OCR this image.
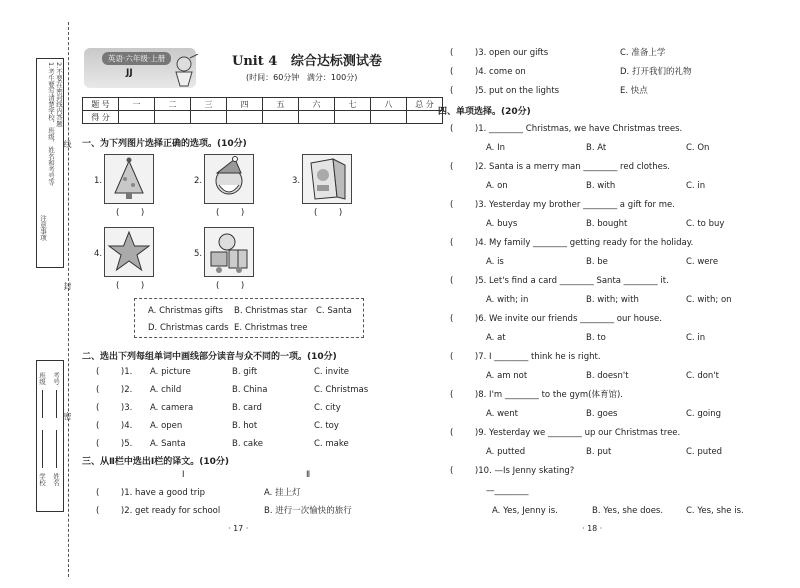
注意事项
1.考生要写清楚学校、班级、姓名和考号等 2.不要在密封线内答题
线
封
密
考号
班级
姓名
学校
英语·六年级·上册
JJ
Unit 4   综合达标测试卷
(时间：60分钟   满分：100分)
题 号	一	二	三	四	五	六	七	八	总 分
得 分									
一、为下列图片选择正确的选项。(10分)
1.
(        )
2.
(        )
3.
(        )
4.
(        )
5.
(        )
A. Christmas gifts B. Christmas star C. Santa
D. Christmas cards E. Christmas tree
二、选出下列每组单词中画线部分读音与众不同的一项。(10分)
(        )1. A. picture	B. gift	C. invite
(        )2. A. child	B. China	C. Christmas
(        )3. A. camera	B. card	C. city
(        )4. A. open	B. hot	C. toy
(        )5. A. Santa	B. cake	C. make
三、从Ⅱ栏中选出Ⅰ栏的译文。(10分)
Ⅰ	Ⅱ
(        )1. have a good trip	A. 挂上灯
(        )2. get ready for school	B. 进行一次愉快的旅行
· 17 ·
(        )3. open our gifts	C. 准备上学
(        )4. come on	D. 打开我们的礼物
(        )5. put on the lights	E. 快点
四、单项选择。(20分)
(        )1. ________ Christmas, we have Christmas trees.
A. In	B. At	C. On
(        )2. Santa is a merry man ________ red clothes.
A. on	B. with	C. in
(        )3. Yesterday my brother ________ a gift for me.
A. buys	B. bought	C. to buy
(        )4. My family ________ getting ready for the holiday.
A. is	B. be	C. were
(        )5. Let's find a card ________ Santa ________ it.
A. with; in	B. with; with	C. with; on
(        )6. We invite our friends ________ our house.
A. at	B. to	C. in
(        )7. I ________ think he is right.
A. am not	B. doesn't	C. don't
(        )8. I'm ________ to the gym(体育馆).
A. went	B. goes	C. going
(        )9. Yesterday we ________ up our Christmas tree.
A. putted	B. put	C. puted
(        )10. —Is Jenny skating?
—________
A. Yes, Jenny is.	B. Yes, she does.	C. Yes, she is.
· 18 ·
